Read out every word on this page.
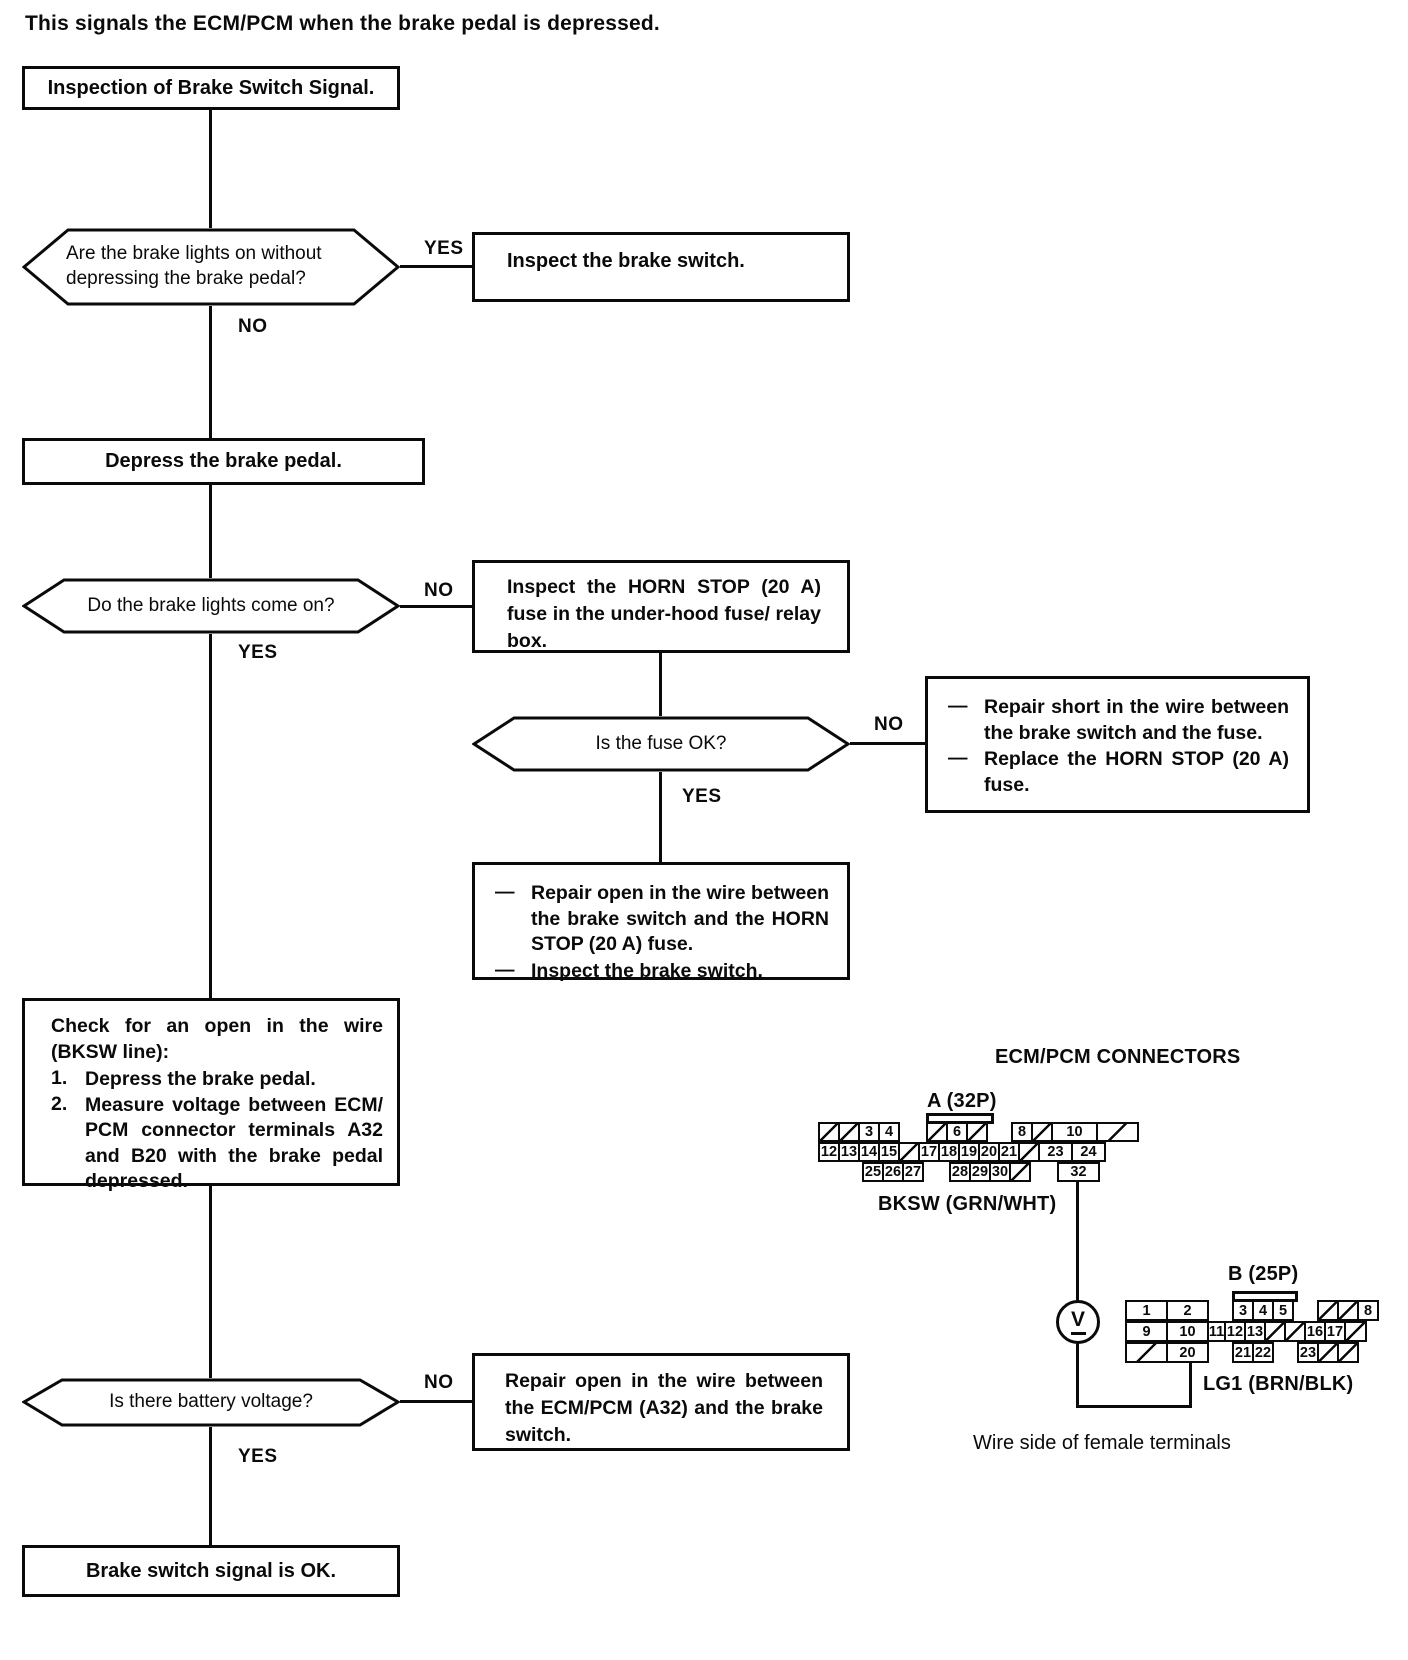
This signals the ECM/PCM when the brake pedal is depressed.
Inspection of Brake Switch Signal.
Are the brake lights on without depressing the brake pedal?
YES
Inspect the brake switch.
NO
Depress the brake pedal.
Do the brake lights come on?
NO	Inspect the HORN STOP (20 A) fuse in the under-hood fuse/ relay box.
YES
Is the fuse OK?
NO
— Repair short in the wire between the brake switch and the fuse.
— Replace the HORN STOP (20 A) fuse.
YES
— Repair open in the wire between the brake switch and the HORN STOP (20 A) fuse.
— Inspect the brake switch.
Check for an open in the wire (BKSW line):
1. Depress the brake pedal.
2. Measure voltage between ECM/ PCM connector terminals A32 and B20 with the brake pedal depressed.
Is there battery voltage?
NO	Repair open in the wire between the ECM/PCM (A32) and the brake switch.
YES
Brake switch signal is OK.
ECM/PCM CONNECTORS
A (32P)
3 4	6	8	10
12 13 14 15 17 18 19 20 21	23	24
25 26 27 28 29 30	32
BKSW (GRN/WHT)
V
B (25P)
1	2	3 4 5	8
9	10 11 12 13	16 17
20	21 22 23
LG1 (BRN/BLK)
Wire side of female terminals
